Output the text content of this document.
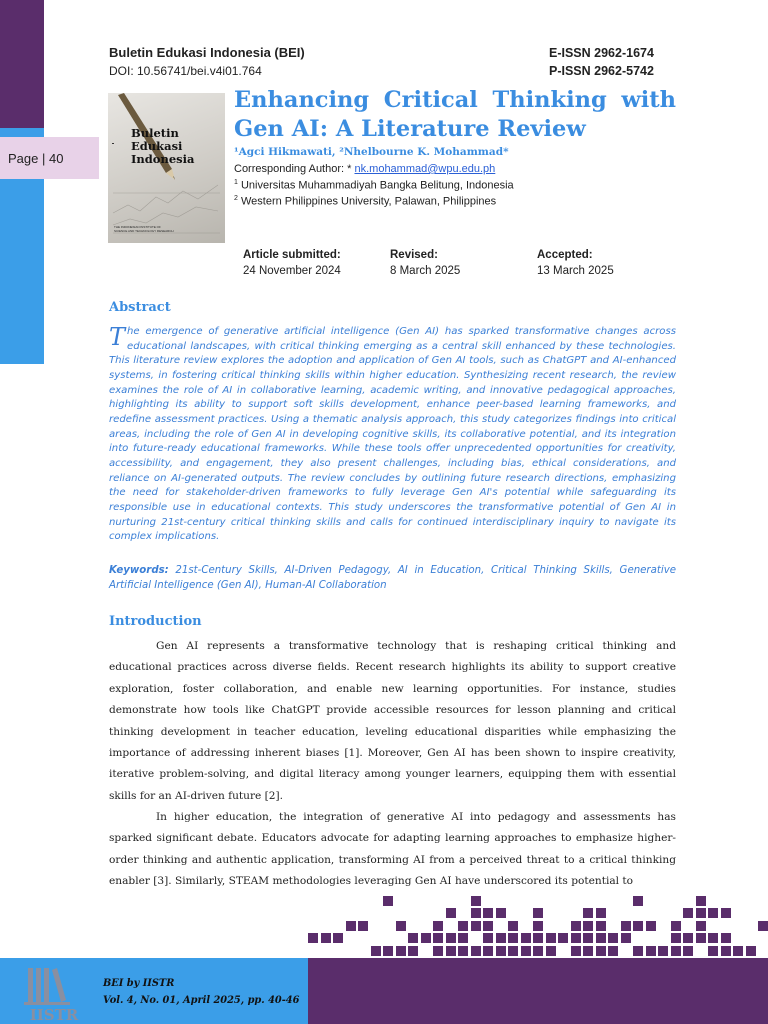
Page | 40
Buletin Edukasi Indonesia (BEI)
DOI: 10.56741/bei.v4i01.764
E-ISSN 2962-1674
P-ISSN 2962-5742
Buletin
Edukasi
Indonesia
THE INDONESIAN INSTITUTE OF
SCIENCE AND TECHNOLOGY RESEARCH
Enhancing Critical Thinking with
Gen AI: A Literature Review
¹Agci Hikmawati, ²Nhelbourne K. Mohammad*
Corresponding Author: * nk.mohammad@wpu.edu.ph
$^1$ Universitas Muhammadiyah Bangka Belitung, Indonesia
$^2$ Western Philippines University, Palawan, Philippines
Article submitted:
24 November 2024
Revised:
8 March 2025
Accepted:
13 March 2025
Abstract
The emergence of generative artificial intelligence (Gen AI) has sparked transformative changes across educational landscapes, with critical thinking emerging as a central skill enhanced by these technologies. This literature review explores the adoption and application of Gen AI tools, such as ChatGPT and AI-enhanced systems, in fostering critical thinking skills within higher education. Synthesizing recent research, the review examines the role of AI in collaborative learning, academic writing, and innovative pedagogical approaches, highlighting its ability to support soft skills development, enhance peer-based learning frameworks, and redefine assessment practices. Using a thematic analysis approach, this study categorizes findings into critical areas, including the role of Gen AI in developing cognitive skills, its collaborative potential, and its integration into future-ready educational frameworks. While these tools offer unprecedented opportunities for creativity, accessibility, and engagement, they also present challenges, including bias, ethical considerations, and reliance on AI-generated outputs. The review concludes by outlining future research directions, emphasizing the need for stakeholder-driven frameworks to fully leverage Gen AI's potential while safeguarding its responsible use in educational contexts. This study underscores the transformative potential of Gen AI in nurturing 21st-century critical thinking skills and calls for continued interdisciplinary inquiry to navigate its complex implications.
Keywords: 21st-Century Skills, AI-Driven Pedagogy, AI in Education, Critical Thinking Skills, Generative Artificial Intelligence (Gen AI), Human-AI Collaboration
Introduction
Gen AI represents a transformative technology that is reshaping critical thinking and educational practices across diverse fields. Recent research highlights its ability to support creative exploration, foster collaboration, and enable new learning opportunities. For instance, studies demonstrate how tools like ChatGPT provide accessible resources for lesson planning and critical thinking development in teacher education, leveling educational disparities while emphasizing the importance of addressing inherent biases [1]. Moreover, Gen AI has been shown to inspire creativity, iterative problem-solving, and digital literacy among younger learners, equipping them with essential skills for an AI-driven future [2].
In higher education, the integration of generative AI into pedagogy and assessments has sparked significant debate. Educators advocate for adapting learning approaches to emphasize higher-order thinking and authentic application, transforming AI from a perceived threat to a critical thinking enabler [3]. Similarly, STEAM methodologies leveraging Gen AI have underscored its potential to
IISTR
BEI by IISTR
Vol. 4, No. 01, April 2025, pp. 40-46
